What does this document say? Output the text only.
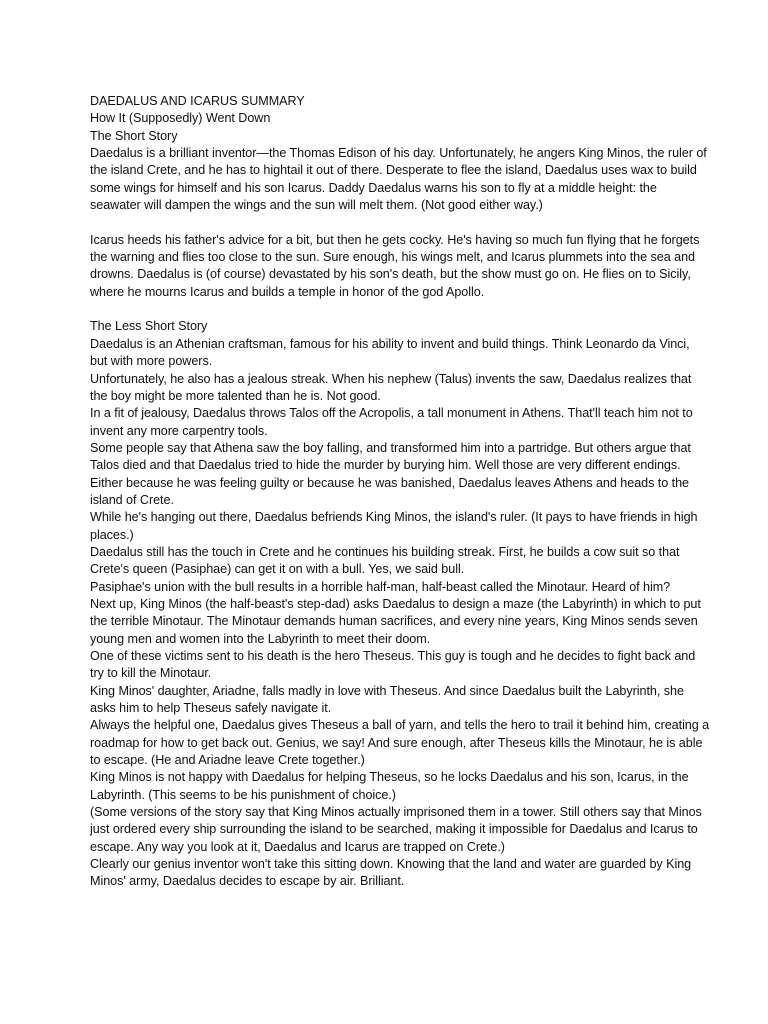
DAEDALUS AND ICARUS SUMMARY

How It (Supposedly) Went Down

The Short Story

Daedalus is a brilliant inventor—the Thomas Edison of his day. Unfortunately, he angers King Minos, the ruler of the island Crete, and he has to hightail it out of there. Desperate to flee the island, Daedalus uses wax to build some wings for himself and his son Icarus. Daddy Daedalus warns his son to fly at a middle height: the seawater will dampen the wings and the sun will melt them. (Not good either way.)

Icarus heeds his father's advice for a bit, but then he gets cocky. He's having so much fun flying that he forgets the warning and flies too close to the sun. Sure enough, his wings melt, and Icarus plummets into the sea and drowns. Daedalus is (of course) devastated by his son's death, but the show must go on. He flies on to Sicily, where he mourns Icarus and builds a temple in honor of the god Apollo.

The Less Short Story

Daedalus is an Athenian craftsman, famous for his ability to invent and build things. Think Leonardo da Vinci, but with more powers.

Unfortunately, he also has a jealous streak. When his nephew (Talus) invents the saw, Daedalus realizes that the boy might be more talented than he is. Not good.

In a fit of jealousy, Daedalus throws Talos off the Acropolis, a tall monument in Athens. That'll teach him not to invent any more carpentry tools.

Some people say that Athena saw the boy falling, and transformed him into a partridge. But others argue that Talos died and that Daedalus tried to hide the murder by burying him. Well those are very different endings.

Either because he was feeling guilty or because he was banished, Daedalus leaves Athens and heads to the island of Crete.

While he's hanging out there, Daedalus befriends King Minos, the island's ruler. (It pays to have friends in high places.)

Daedalus still has the touch in Crete and he continues his building streak. First, he builds a cow suit so that Crete's queen (Pasiphae) can get it on with a bull. Yes, we said bull.

Pasiphae's union with the bull results in a horrible half-man, half-beast called the Minotaur. Heard of him?

Next up, King Minos (the half-beast's step-dad) asks Daedalus to design a maze (the Labyrinth) in which to put the terrible Minotaur. The Minotaur demands human sacrifices, and every nine years, King Minos sends seven young men and women into the Labyrinth to meet their doom.

One of these victims sent to his death is the hero Theseus. This guy is tough and he decides to fight back and try to kill the Minotaur.

King Minos' daughter, Ariadne, falls madly in love with Theseus. And since Daedalus built the Labyrinth, she asks him to help Theseus safely navigate it.

Always the helpful one, Daedalus gives Theseus a ball of yarn, and tells the hero to trail it behind him, creating a roadmap for how to get back out. Genius, we say! And sure enough, after Theseus kills the Minotaur, he is able to escape. (He and Ariadne leave Crete together.)

King Minos is not happy with Daedalus for helping Theseus, so he locks Daedalus and his son, Icarus, in the Labyrinth. (This seems to be his punishment of choice.)

(Some versions of the story say that King Minos actually imprisoned them in a tower. Still others say that Minos just ordered every ship surrounding the island to be searched, making it impossible for Daedalus and Icarus to escape. Any way you look at it, Daedalus and Icarus are trapped on Crete.)

Clearly our genius inventor won't take this sitting down. Knowing that the land and water are guarded by King Minos' army, Daedalus decides to escape by air. Brilliant.
